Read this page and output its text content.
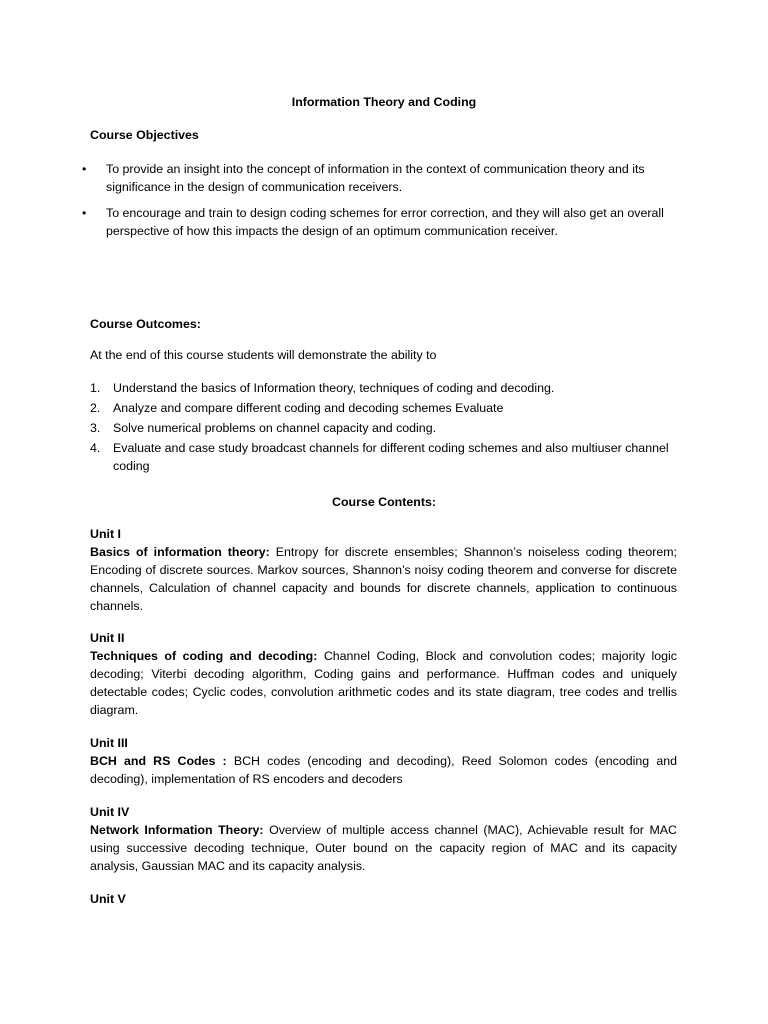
Information Theory and Coding
Course Objectives
• To provide an insight into the concept of information in the context of communication theory and its significance in the design of communication receivers.
• To encourage and train to design coding schemes for error correction, and they will also get an overall perspective of how this impacts the design of an optimum communication receiver.
Course Outcomes:
At the end of this course students will demonstrate the ability to
1. Understand the basics of Information theory, techniques of coding and decoding.
2. Analyze and compare different coding and decoding schemes Evaluate
3. Solve numerical problems on channel capacity and coding.
4. Evaluate and case study broadcast channels for different coding schemes and also multiuser channel coding
Course Contents:
Unit I
Basics of information theory: Entropy for discrete ensembles; Shannon’s noiseless coding theorem; Encoding of discrete sources. Markov sources, Shannon’s noisy coding theorem and converse for discrete channels, Calculation of channel capacity and bounds for discrete channels, application to continuous channels.
Unit II
Techniques of coding and decoding: Channel Coding, Block and convolution codes; majority logic decoding; Viterbi decoding algorithm, Coding gains and performance. Huffman codes and uniquely detectable codes; Cyclic codes, convolution arithmetic codes and its state diagram, tree codes and trellis diagram.
Unit III
BCH and RS Codes : BCH codes (encoding and decoding), Reed Solomon codes (encoding and decoding), implementation of RS encoders and decoders
Unit IV
Network Information Theory: Overview of multiple access channel (MAC), Achievable result for MAC using successive decoding technique, Outer bound on the capacity region of MAC and its capacity analysis, Gaussian MAC and its capacity analysis.
Unit V
